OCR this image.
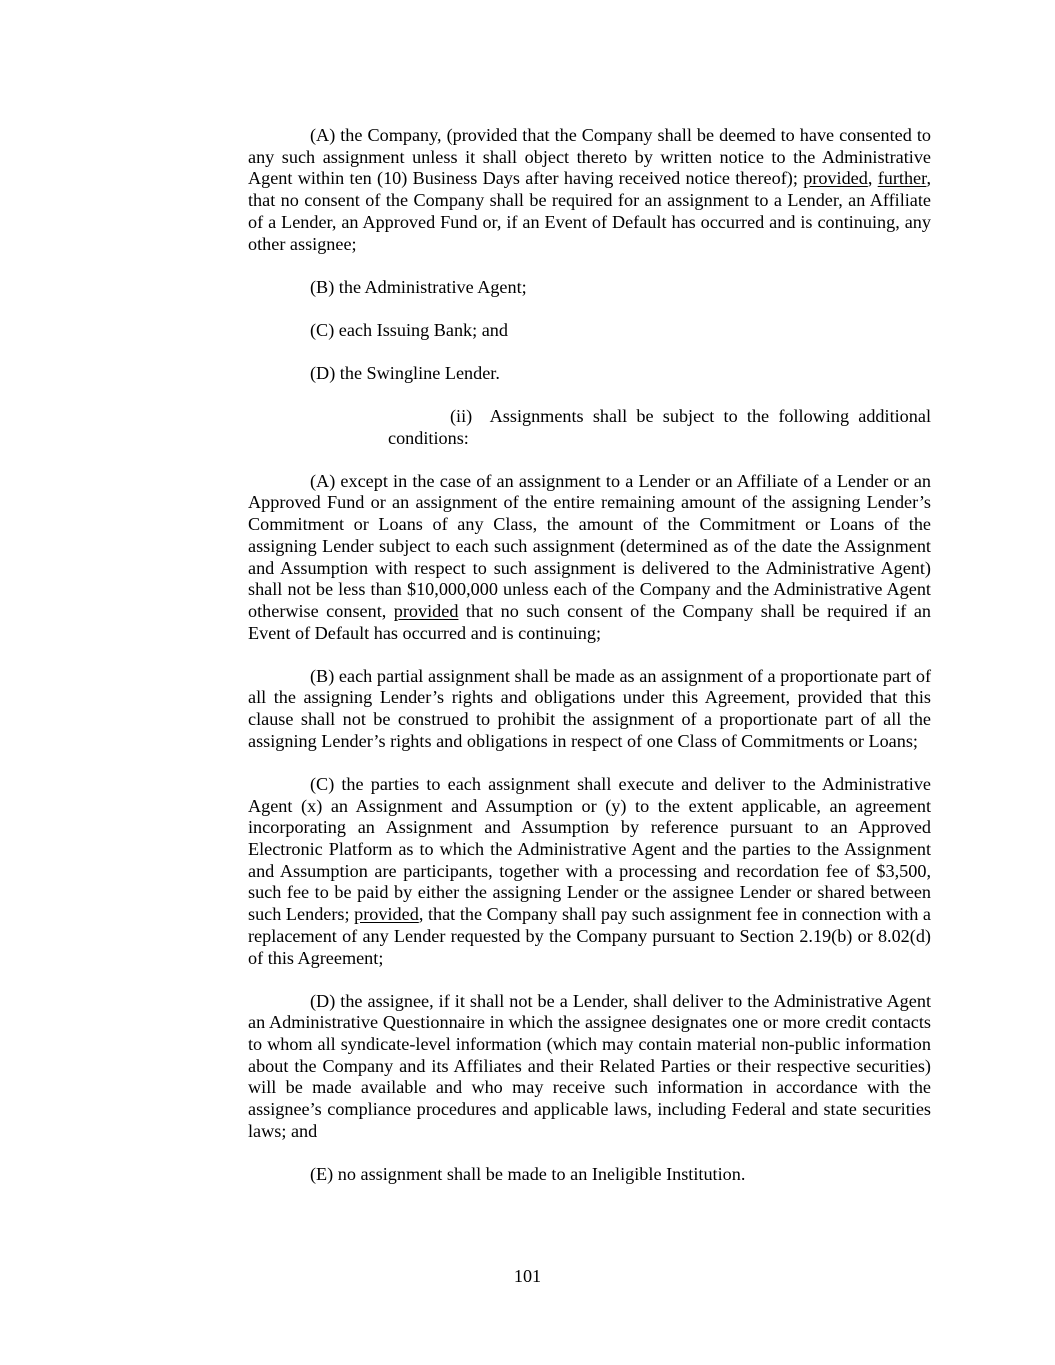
(A) the Company, (provided that the Company shall be deemed to have consented to any such assignment unless it shall object thereto by written notice to the Administrative Agent within ten (10) Business Days after having received notice thereof); provided, further, that no consent of the Company shall be required for an assignment to a Lender, an Affiliate of a Lender, an Approved Fund or, if an Event of Default has occurred and is continuing, any other assignee;

(B) the Administrative Agent;

(C) each Issuing Bank; and

(D) the Swingline Lender.

(ii)  Assignments shall be subject to the following additional conditions:

(A) except in the case of an assignment to a Lender or an Affiliate of a Lender or an Approved Fund or an assignment of the entire remaining amount of the assigning Lender’s Commitment or Loans of any Class, the amount of the Commitment or Loans of the assigning Lender subject to each such assignment (determined as of the date the Assignment and Assumption with respect to such assignment is delivered to the Administrative Agent) shall not be less than $10,000,000 unless each of the Company and the Administrative Agent otherwise consent, provided that no such consent of the Company shall be required if an Event of Default has occurred and is continuing;

(B) each partial assignment shall be made as an assignment of a proportionate part of all the assigning Lender’s rights and obligations under this Agreement, provided that this clause shall not be construed to prohibit the assignment of a proportionate part of all the assigning Lender’s rights and obligations in respect of one Class of Commitments or Loans;

(C) the parties to each assignment shall execute and deliver to the Administrative Agent (x) an Assignment and Assumption or (y) to the extent applicable, an agreement incorporating an Assignment and Assumption by reference pursuant to an Approved Electronic Platform as to which the Administrative Agent and the parties to the Assignment and Assumption are participants, together with a processing and recordation fee of $3,500, such fee to be paid by either the assigning Lender or the assignee Lender or shared between such Lenders; provided, that the Company shall pay such assignment fee in connection with a replacement of any Lender requested by the Company pursuant to Section 2.19(b) or 8.02(d) of this Agreement;

(D) the assignee, if it shall not be a Lender, shall deliver to the Administrative Agent an Administrative Questionnaire in which the assignee designates one or more credit contacts to whom all syndicate-level information (which may contain material non-public information about the Company and its Affiliates and their Related Parties or their respective securities) will be made available and who may receive such information in accordance with the assignee’s compliance procedures and applicable laws, including Federal and state securities laws; and

(E) no assignment shall be made to an Ineligible Institution.

101
